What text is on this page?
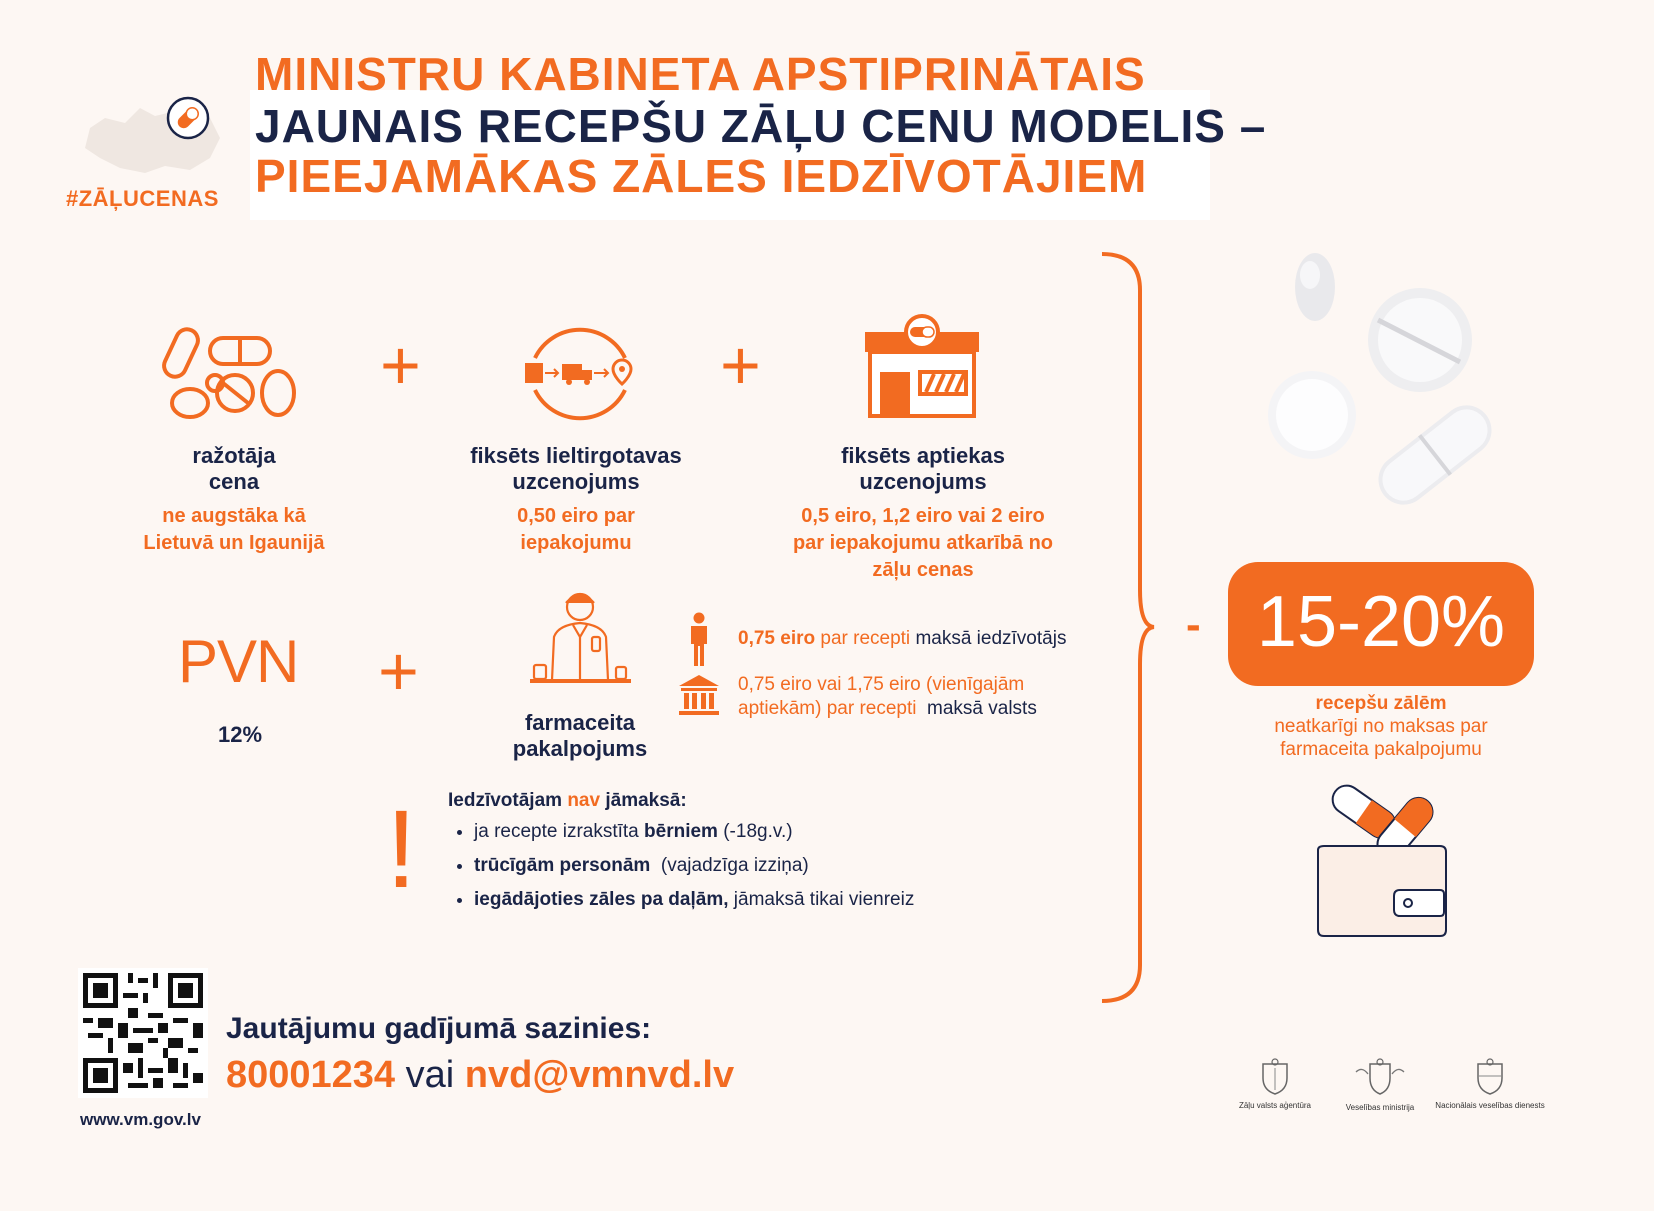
#ZĀĻUCENAS
MINISTRU KABINETA APSTIPRINĀTAIS
JAUNAIS RECEPŠU ZĀĻU CENU MODELIS –
PIEEJAMĀKAS ZĀLES IEDZĪVOTĀJIEM
+	+
ražotāja
cena
ne augstāka kā
Lietuvā un Igaunijā
fiksēts lieltirgotavas
uzcenojums
0,50 eiro par
iepakojumu
fiksēts aptiekas
uzcenojums
0,5 eiro, 1,2 eiro vai 2 eiro
par iepakojumu atkarībā no
zāļu cenas
PVN
12%
+
farmaceita
pakalpojums
0,75 eiro par recepti maksā iedzīvotājs
0,75 eiro vai 1,75 eiro (vienīgajām
aptiekām) par recepti  maksā valsts
! Iedzīvotājam nav jāmaksā:
• ja recepte izrakstīta bērniem (-18g.v.)
• trūcīgām personām  (vajadzīga izziņa)
• iegādājoties zāles pa daļām, jāmaksā tikai vienreiz
- 15-20%
recepšu zālēm
neatkarīgi no maksas par
farmaceita pakalpojumu
www.vm.gov.lv
Jautājumu gadījumā sazinies:
80001234 vai nvd@vmnvd.lv
Zāļu valsts aģentūra	Veselības ministrija	Nacionālais veselības dienests
